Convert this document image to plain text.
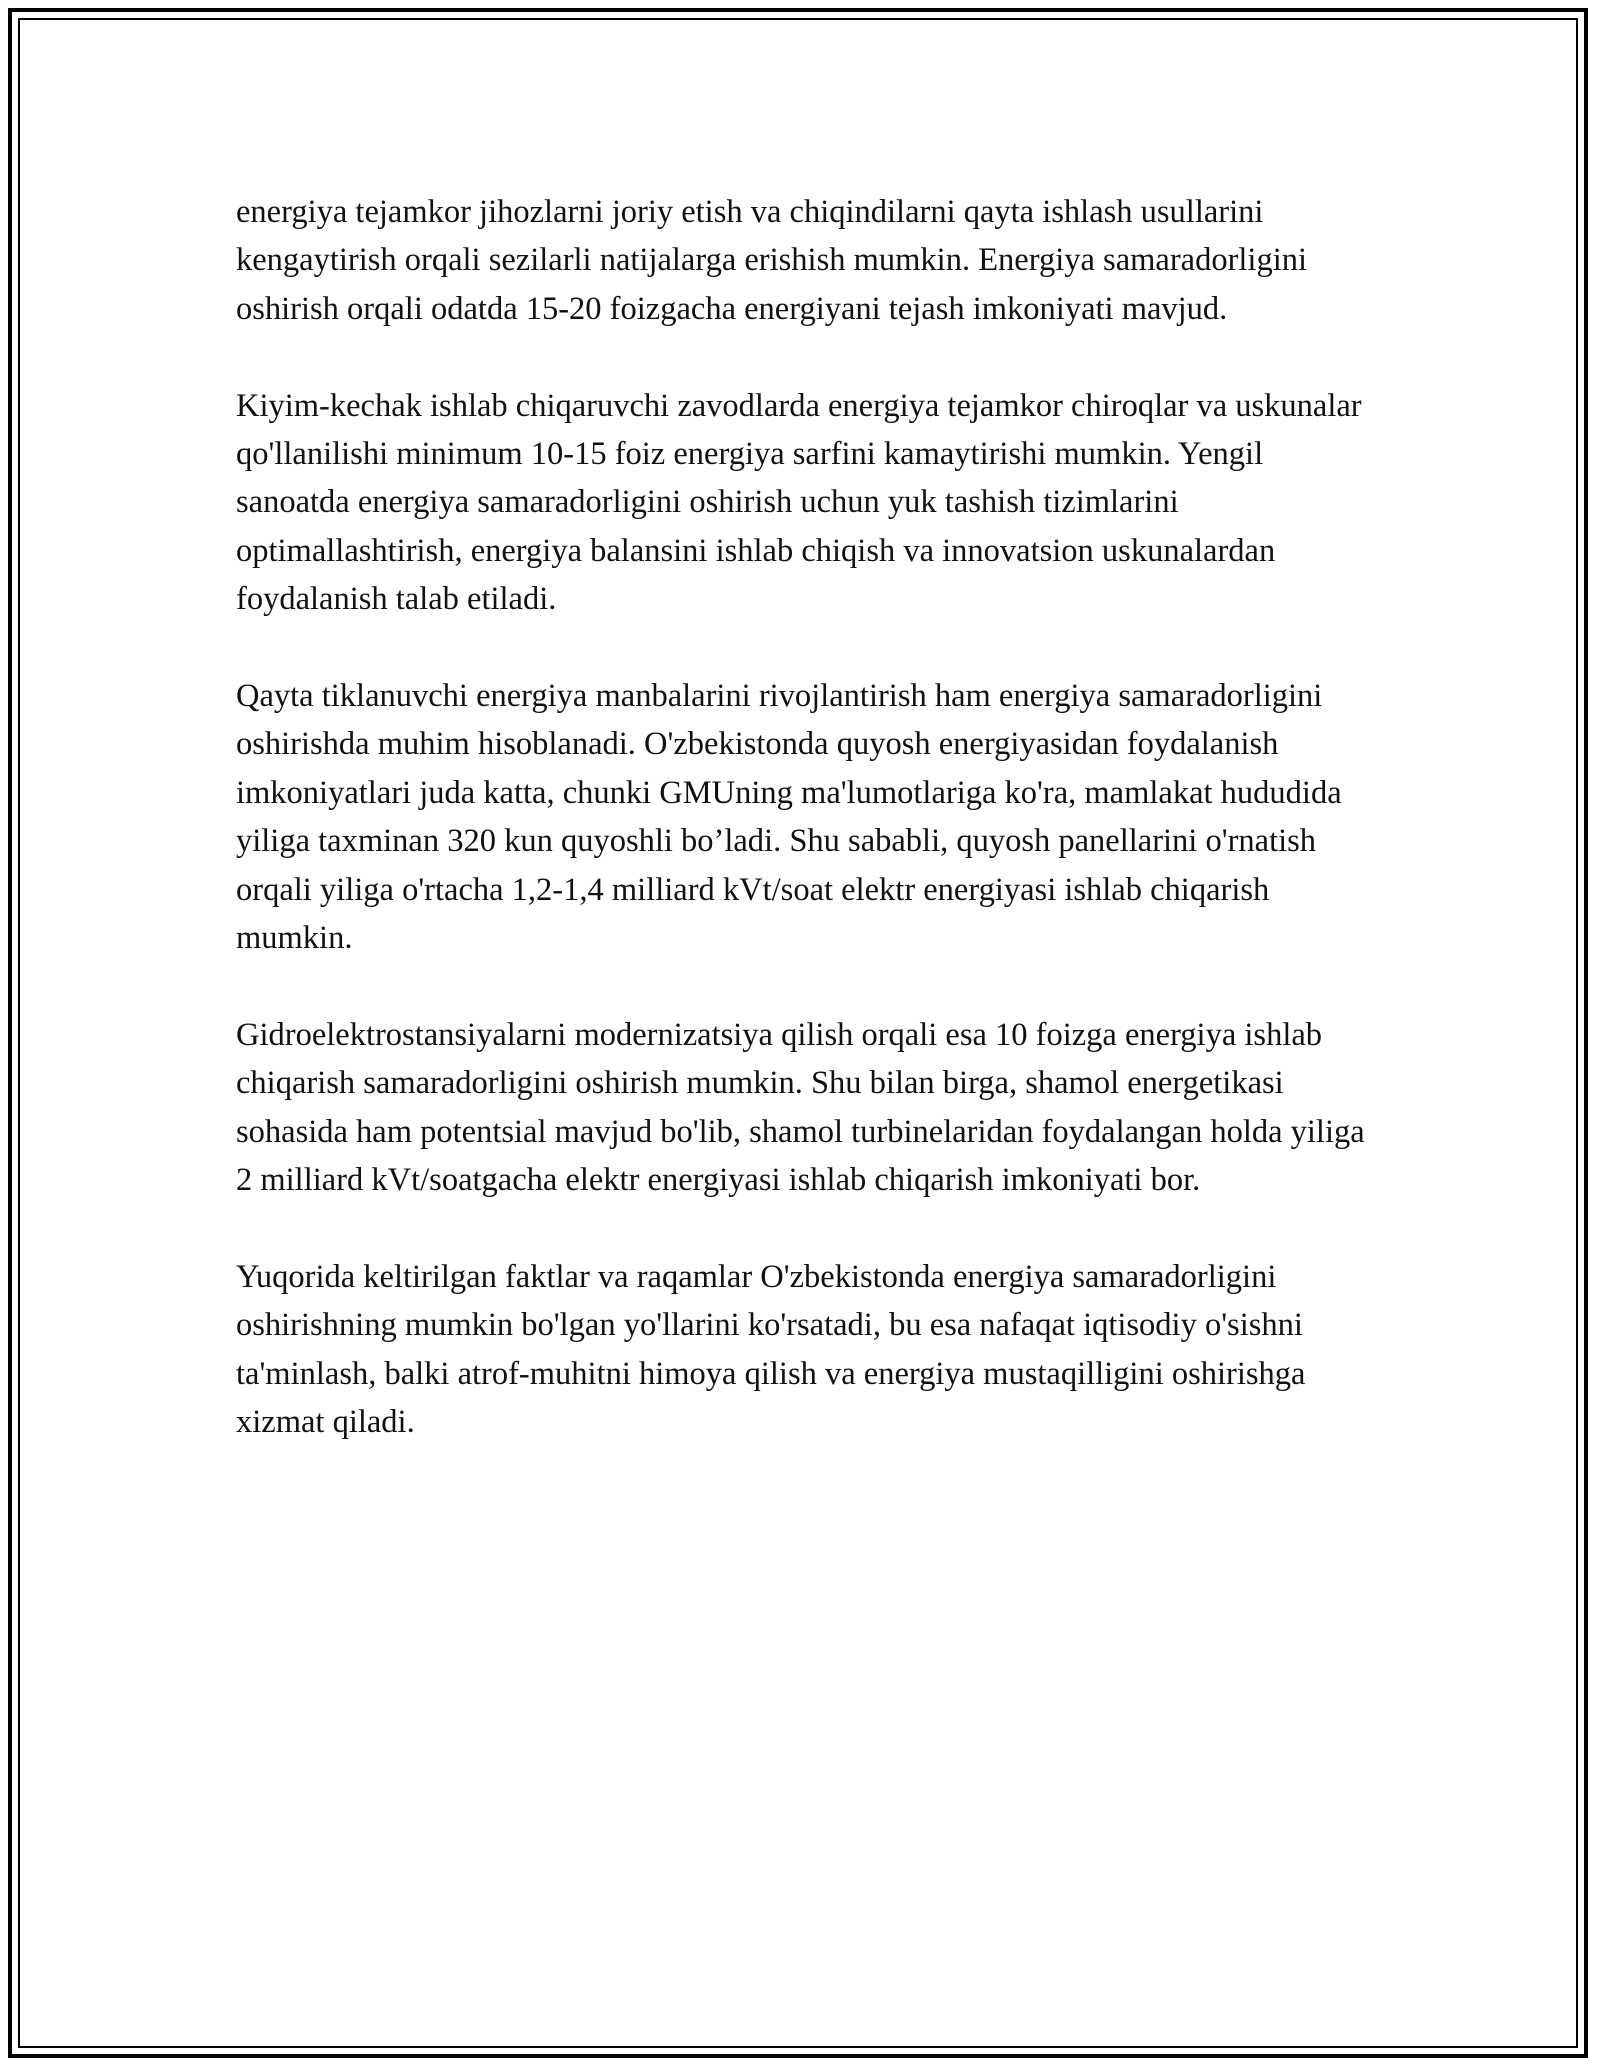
energiya tejamkor jihozlarni joriy etish va chiqindilarni qayta ishlash usullarini kengaytirish orqali sezilarli natijalarga erishish mumkin. Energiya samaradorligini oshirish orqali odatda 15-20 foizgacha energiyani tejash imkoniyati mavjud.

Kiyim-kechak ishlab chiqaruvchi zavodlarda energiya tejamkor chiroqlar va uskunalar qo'llanilishi minimum 10-15 foiz energiya sarfini kamaytirishi mumkin. Yengil sanoatda energiya samaradorligini oshirish uchun yuk tashish tizimlarini optimallashtirish, energiya balansini ishlab chiqish va innovatsion uskunalardan foydalanish talab etiladi.

Qayta tiklanuvchi energiya manbalarini rivojlantirish ham energiya samaradorligini oshirishda muhim hisoblanadi. O'zbekistonda quyosh energiyasidan foydalanish imkoniyatlari juda katta, chunki GMUning ma'lumotlariga ko'ra, mamlakat hududida yiliga taxminan 320 kun quyoshli bo’ladi. Shu sababli, quyosh panellarini o'rnatish orqali yiliga o'rtacha 1,2-1,4 milliard kVt/soat elektr energiyasi ishlab chiqarish mumkin.

Gidroelektrostansiyalarni modernizatsiya qilish orqali esa 10 foizga energiya ishlab chiqarish samaradorligini oshirish mumkin. Shu bilan birga, shamol energetikasi sohasida ham potentsial mavjud bo'lib, shamol turbinelaridan foydalangan holda yiliga 2 milliard kVt/soatgacha elektr energiyasi ishlab chiqarish imkoniyati bor.

Yuqorida keltirilgan faktlar va raqamlar O'zbekistonda energiya samaradorligini oshirishning mumkin bo'lgan yo'llarini ko'rsatadi, bu esa nafaqat iqtisodiy o'sishni ta'minlash, balki atrof-muhitni himoya qilish va energiya mustaqilligini oshirishga xizmat qiladi.
